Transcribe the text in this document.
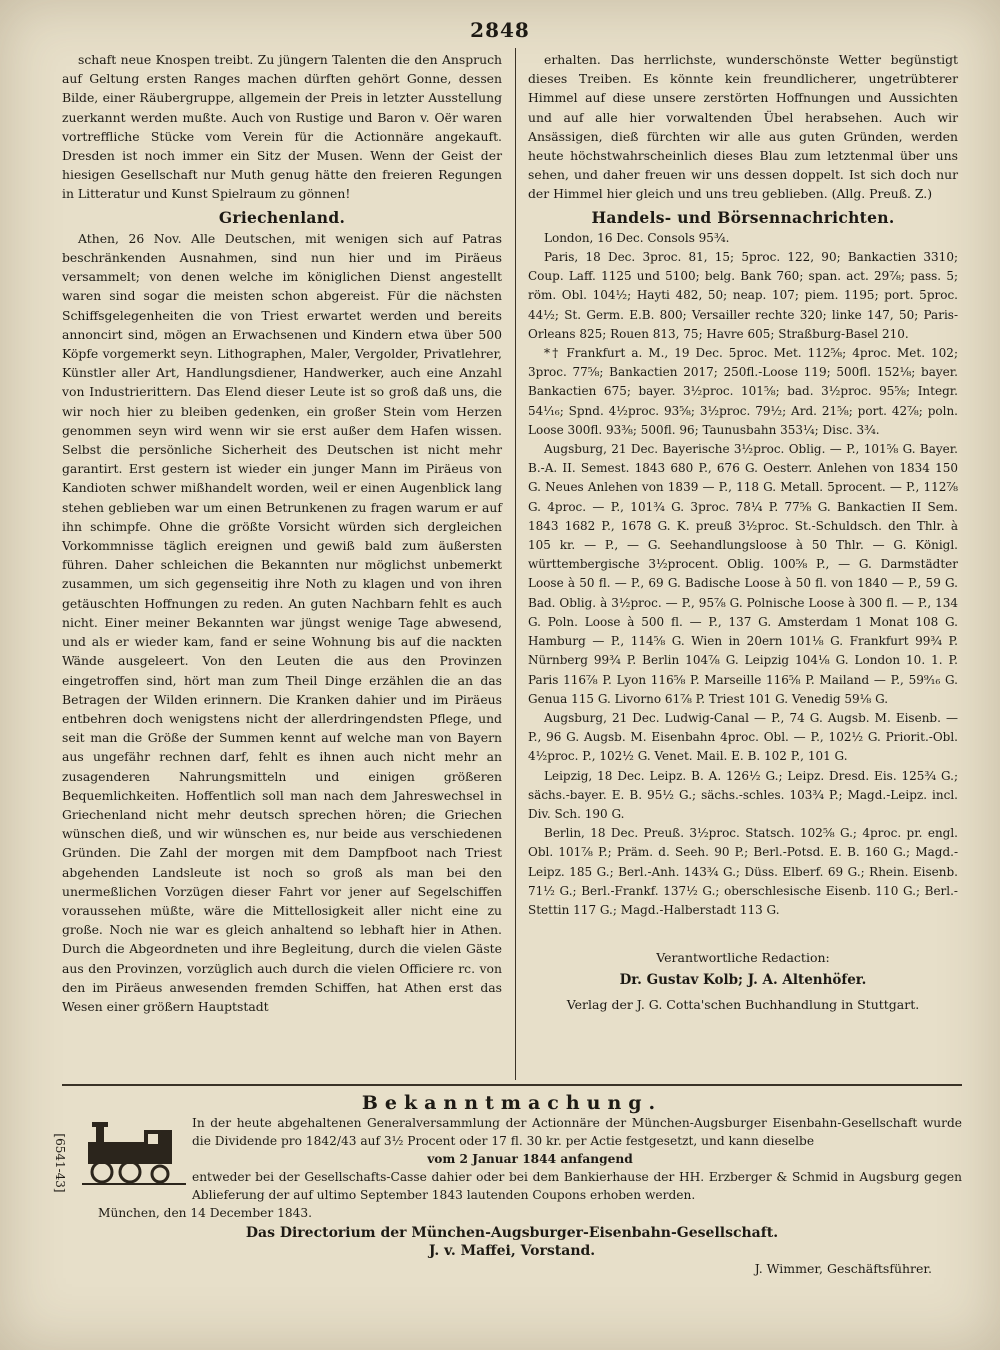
2848

schaft neue Knospen treibt. Zu jüngern Talenten die den Anspruch auf Geltung ersten Ranges machen dürften gehört Gonne, dessen Bilde, einer Räubergruppe, allgemein der Preis in letzter Ausstellung zuerkannt werden mußte. Auch von Rustige und Baron v. Oër waren vortreffliche Stücke vom Verein für die Actionnäre angekauft. Dresden ist noch immer ein Sitz der Musen. Wenn der Geist der hiesigen Gesellschaft nur Muth genug hätte den freieren Regungen in Litteratur und Kunst Spielraum zu gönnen!

Griechenland.

Athen, 26 Nov. Alle Deutschen, mit wenigen sich auf Patras beschränkenden Ausnahmen, sind nun hier und im Piräeus versammelt; von denen welche im königlichen Dienst angestellt waren sind sogar die meisten schon abgereist. Für die nächsten Schiffsgelegenheiten die von Triest erwartet werden und bereits annoncirt sind, mögen an Erwachsenen und Kindern etwa über 500 Köpfe vorgemerkt seyn. Lithographen, Maler, Vergolder, Privatlehrer, Künstler aller Art, Handlungsdiener, Handwerker, auch eine Anzahl von Industrierittern. Das Elend dieser Leute ist so groß daß uns, die wir noch hier zu bleiben gedenken, ein großer Stein vom Herzen genommen seyn wird wenn wir sie erst außer dem Hafen wissen. Selbst die persönliche Sicherheit des Deutschen ist nicht mehr garantirt. Erst gestern ist wieder ein junger Mann im Piräeus von Kandioten schwer mißhandelt worden, weil er einen Augenblick lang stehen geblieben war um einen Betrunkenen zu fragen warum er auf ihn schimpfe. Ohne die größte Vorsicht würden sich dergleichen Vorkommnisse täglich ereignen und gewiß bald zum äußersten führen. Daher schleichen die Bekannten nur möglichst unbemerkt zusammen, um sich gegenseitig ihre Noth zu klagen und von ihren getäuschten Hoffnungen zu reden. An guten Nachbarn fehlt es auch nicht. Einer meiner Bekannten war jüngst wenige Tage abwesend, und als er wieder kam, fand er seine Wohnung bis auf die nackten Wände ausgeleert. Von den Leuten die aus den Provinzen eingetroffen sind, hört man zum Theil Dinge erzählen die an das Betragen der Wilden erinnern. Die Kranken dahier und im Piräeus entbehren doch wenigstens nicht der allerdringendsten Pflege, und seit man die Größe der Summen kennt auf welche man von Bayern aus ungefähr rechnen darf, fehlt es ihnen auch nicht mehr an zusagenderen Nahrungsmitteln und einigen größeren Bequemlichkeiten. Hoffentlich soll man nach dem Jahreswechsel in Griechenland nicht mehr deutsch sprechen hören; die Griechen wünschen dieß, und wir wünschen es, nur beide aus verschiedenen Gründen. Die Zahl der morgen mit dem Dampfboot nach Triest abgehenden Landsleute ist noch so groß als man bei den unermeßlichen Vorzügen dieser Fahrt vor jener auf Segelschiffen voraussehen müßte, wäre die Mittellosigkeit aller nicht eine zu große. Noch nie war es gleich anhaltend so lebhaft hier in Athen. Durch die Abgeordneten und ihre Begleitung, durch die vielen Gäste aus den Provinzen, vorzüglich auch durch die vielen Officiere rc. von den im Piräeus anwesenden fremden Schiffen, hat Athen erst das Wesen einer größern Hauptstadt

erhalten. Das herrlichste, wunderschönste Wetter begünstigt dieses Treiben. Es könnte kein freundlicherer, ungetrübterer Himmel auf diese unsere zerstörten Hoffnungen und Aussichten und auf alle hier vorwaltenden Übel herabsehen. Auch wir Ansässigen, dieß fürchten wir alle aus guten Gründen, werden heute höchstwahrscheinlich dieses Blau zum letztenmal über uns sehen, und daher freuen wir uns dessen doppelt. Ist sich doch nur der Himmel hier gleich und uns treu geblieben. (Allg. Preuß. Z.)

Handels- und Börsennachrichten.

London, 16 Dec. Consols 95¾.

Paris, 18 Dec. 3proc. 81, 15; 5proc. 122, 90; Bankactien 3310; Coup. Laff. 1125 und 5100; belg. Bank 760; span. act. 29⅞; pass. 5; röm. Obl. 104½; Hayti 482, 50; neap. 107; piem. 1195; port. 5proc. 44½; St. Germ. E.B. 800; Versailler rechte 320; linke 147, 50; Paris-Orleans 825; Rouen 813, 75; Havre 605; Straßburg-Basel 210.

*† Frankfurt a. M., 19 Dec. 5proc. Met. 112⅝; 4proc. Met. 102; 3proc. 77⅝; Bankactien 2017; 250fl.-Loose 119; 500fl. 152⅛; bayer. Bankactien 675; bayer. 3½proc. 101⅝; bad. 3½proc. 95⅝; Integr. 54⅟₁₆; Spnd. 4½proc. 93⅝; 3½proc. 79½; Ard. 21⅝; port. 42⅞; poln. Loose 300fl. 93⅜; 500fl. 96; Taunusbahn 353¼; Disc. 3¾.

Augsburg, 21 Dec. Bayerische 3½proc. Oblig. — P., 101⅝ G. Bayer. B.-A. II. Semest. 1843 680 P., 676 G. Oesterr. Anlehen von 1834 150 G. Neues Anlehen von 1839 — P., 118 G. Metall. 5procent. — P., 112⅞ G. 4proc. — P., 101¾ G. 3proc. 78¼ P. 77⅝ G. Bankactien II Sem. 1843 1682 P., 1678 G. K. preuß 3½proc. St.-Schuldsch. den Thlr. à 105 kr. — P., — G. Seehandlungsloose à 50 Thlr. — G. Königl. württembergische 3½procent. Oblig. 100⅝ P., — G. Darmstädter Loose à 50 fl. — P., 69 G. Badische Loose à 50 fl. von 1840 — P., 59 G. Bad. Oblig. à 3½proc. — P., 95⅞ G. Polnische Loose à 300 fl. — P., 134 G. Poln. Loose à 500 fl. — P., 137 G. Amsterdam 1 Monat 108 G. Hamburg — P., 114⅝ G. Wien in 20ern 101⅛ G. Frankfurt 99¾ P. Nürnberg 99¾ P. Berlin 104⅞ G. Leipzig 104⅛ G. London 10. 1. P. Paris 116⅞ P. Lyon 116⅝ P. Marseille 116⅝ P. Mailand — P., 59⁹⁄₁₆ G. Genua 115 G. Livorno 61⅞ P. Triest 101 G. Venedig 59⅛ G.

Augsburg, 21 Dec. Ludwig-Canal — P., 74 G. Augsb. M. Eisenb. — P., 96 G. Augsb. M. Eisenbahn 4proc. Obl. — P., 102½ G. Priorit.-Obl. 4½proc. P., 102½ G. Venet. Mail. E. B. 102 P., 101 G.

Leipzig, 18 Dec. Leipz. B. A. 126½ G.; Leipz. Dresd. Eis. 125¾ G.; sächs.-bayer. E. B. 95½ G.; sächs.-schles. 103¾ P.; Magd.-Leipz. incl. Div. Sch. 190 G.

Berlin, 18 Dec. Preuß. 3½proc. Statsch. 102⅝ G.; 4proc. pr. engl. Obl. 101⅞ P.; Präm. d. Seeh. 90 P.; Berl.-Potsd. E. B. 160 G.; Magd.-Leipz. 185 G.; Berl.-Anh. 143¾ G.; Düss. Elberf. 69 G.; Rhein. Eisenb. 71½ G.; Berl.-Frankf. 137½ G.; oberschlesische Eisenb. 110 G.; Berl.-Stettin 117 G.; Magd.-Halberstadt 113 G.

Verantwortliche Redaction:
Dr. Gustav Kolb; J. A. Altenhöfer.
Verlag der J. G. Cotta'schen Buchhandlung in Stuttgart.
[6541-43]
Bekanntmachung.
In der heute abgehaltenen Generalversammlung der Actionnäre der München-Augsburger Eisenbahn-Gesellschaft wurde die Dividende pro 1842/43 auf 3½ Procent oder 17 fl. 30 kr. per Actie festgesetzt, und kann dieselbe
vom 2 Januar 1844 anfangend
entweder bei der Gesellschafts-Casse dahier oder bei dem Bankierhause der HH. Erzberger & Schmid in Augsburg gegen Ablieferung der auf ultimo September 1843 lautenden Coupons erhoben werden.
München, den 14 December 1843.
Das Directorium der München-Augsburger-Eisenbahn-Gesellschaft.
J. v. Maffei, Vorstand.
J. Wimmer, Geschäftsführer.
